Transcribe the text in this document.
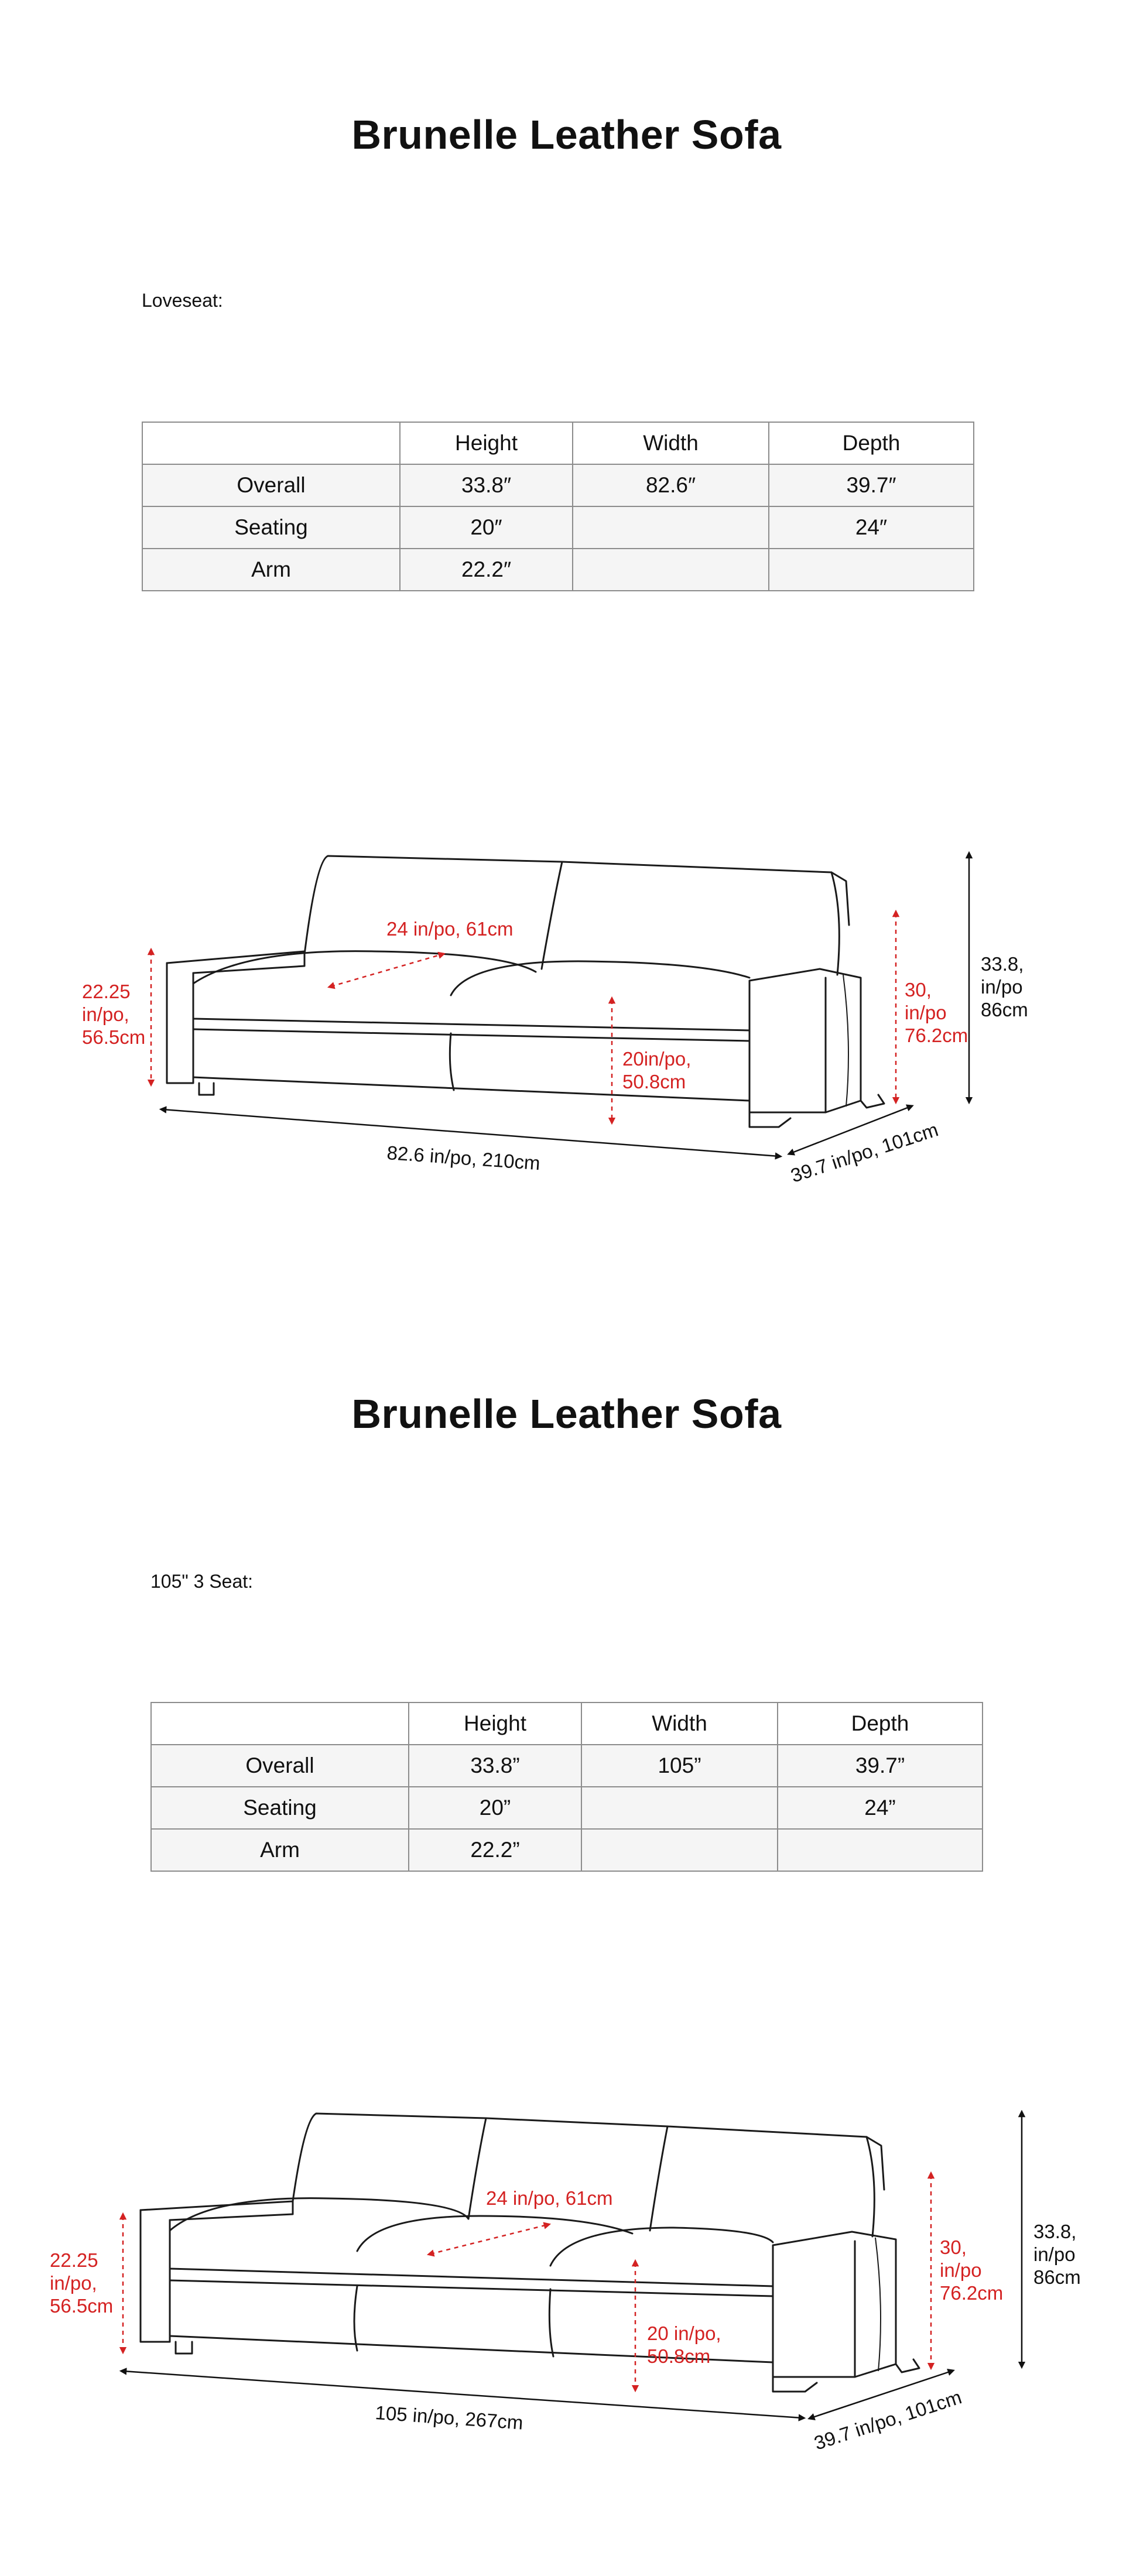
Brunelle Leather Sofa

Loveseat:

	Height	Width	Depth
Overall	33.8″	82.6″	39.7″
Seating	20″		24″
Arm	22.2″		
33.8,
in/po
86cm
82.6 in/po, 210cm	39.7 in/po, 101cm
22.25
in/po,
56.5cm
24 in/po, 61cm
20in/po,
50.8cm
30,
in/po
76.2cm
Brunelle Leather Sofa

105" 3 Seat:

	Height	Width	Depth
Overall	33.8”	105”	39.7”
Seating	20”		24”
Arm	22.2”		
33.8,
in/po
86cm
105 in/po, 267cm	39.7 in/po, 101cm
22.25
in/po,
56.5cm
24 in/po, 61cm
20 in/po,
50.8cm
30,
in/po
76.2cm
